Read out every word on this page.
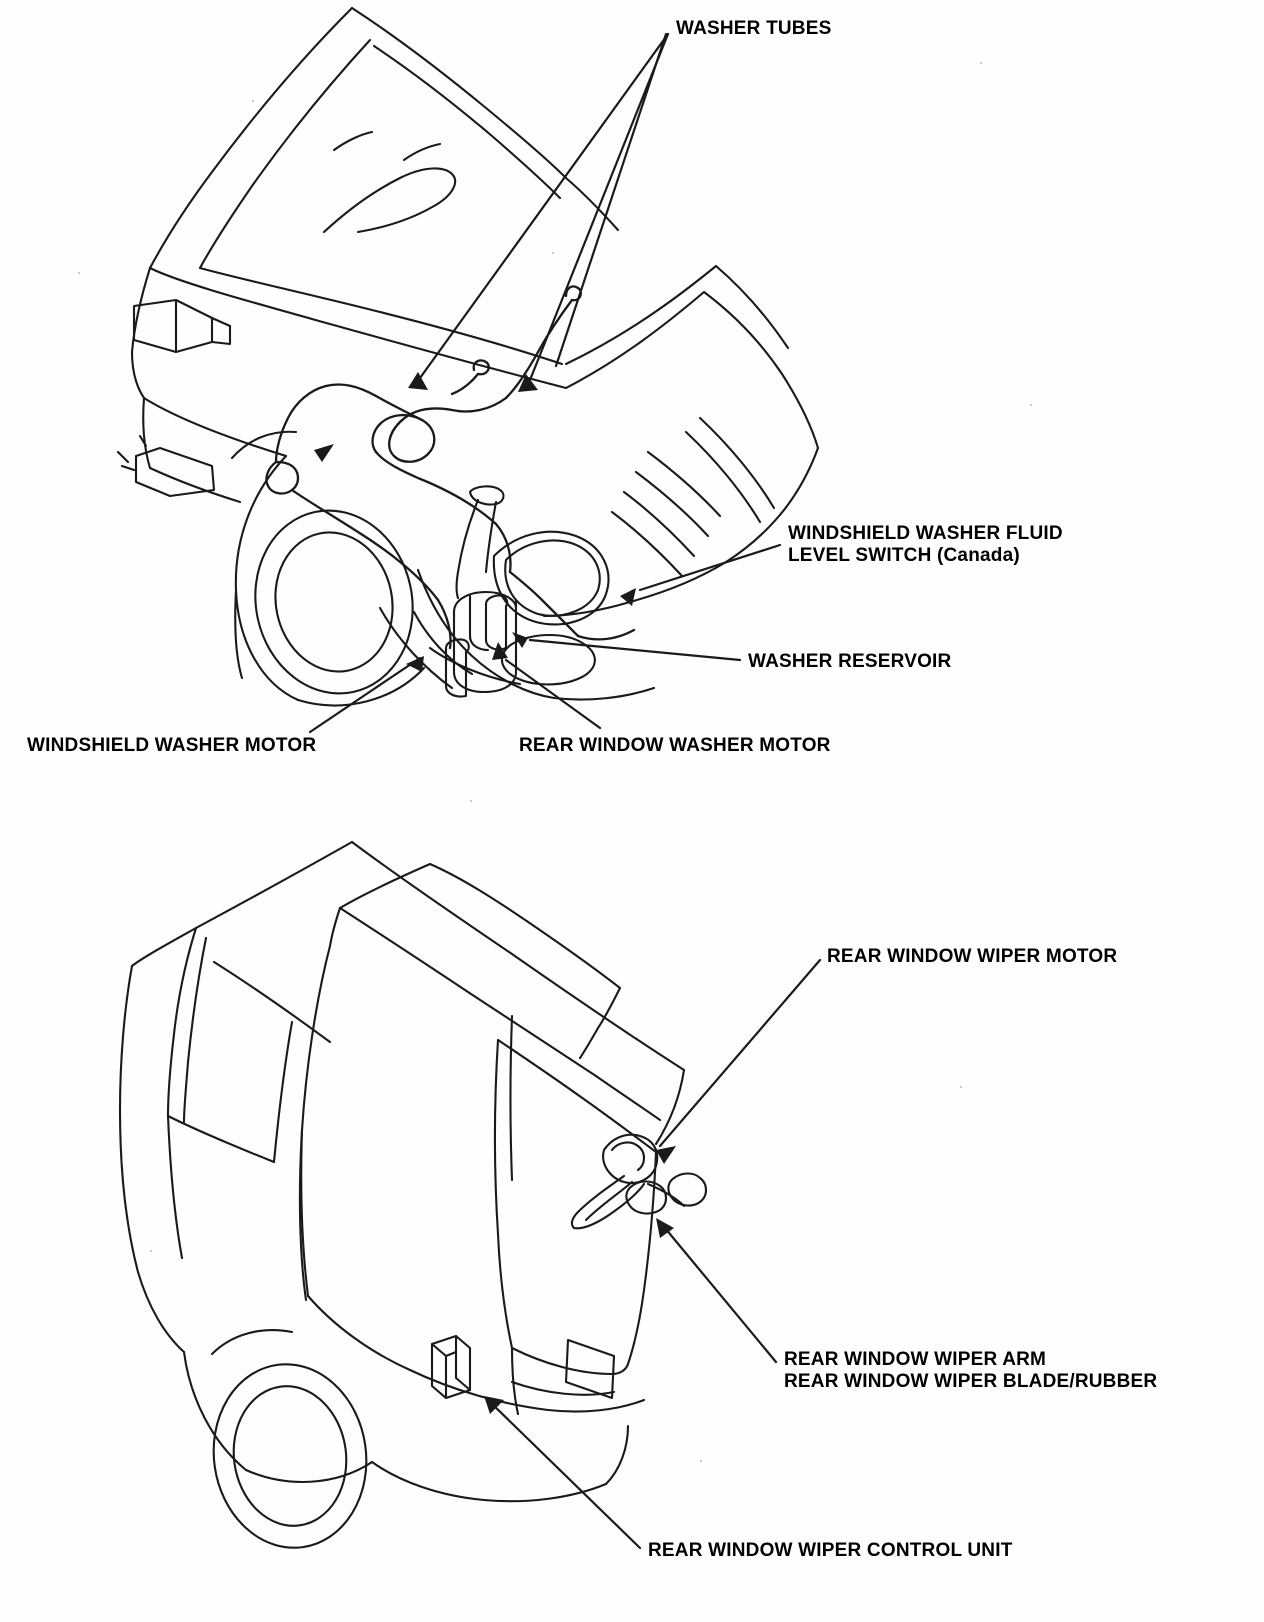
WASHER TUBES
WINDSHIELD WASHER FLUID
LEVEL SWITCH (Canada)
WASHER RESERVOIR
WINDSHIELD WASHER MOTOR	REAR WINDOW WASHER MOTOR
REAR WINDOW WIPER MOTOR
REAR WINDOW WIPER ARM
REAR WINDOW WIPER BLADE/RUBBER
REAR WINDOW WIPER CONTROL UNIT
